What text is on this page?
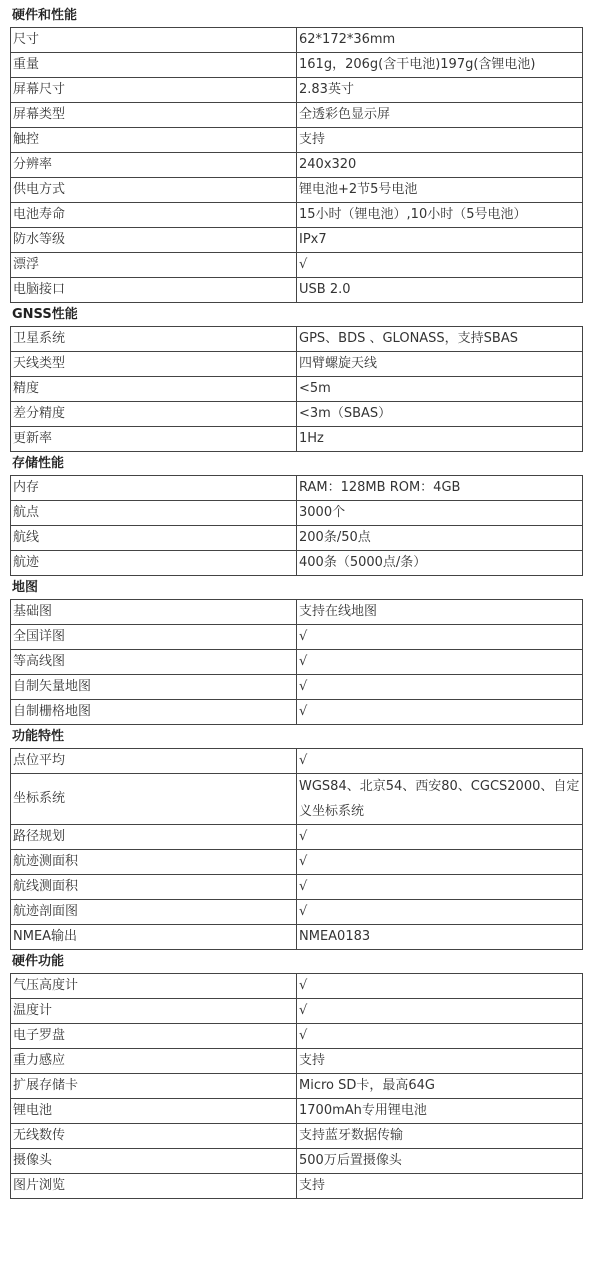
硬件和性能
尺寸	62*172*36mm
重量	161g，206g(含干电池)197g(含锂电池)
屏幕尺寸	2.83英寸
屏幕类型	全透彩色显示屏
触控	支持
分辨率	240x320
供电方式	锂电池+2节5号电池
电池寿命	15小时（锂电池）,10小时（5号电池）
防水等级	IPx7
漂浮	√
电脑接口	USB 2.0
GNSS性能
卫星系统	GPS、BDS 、GLONASS，支持SBAS
天线类型	四臂螺旋天线
精度	<5m
差分精度	<3m（SBAS）
更新率	1Hz
存储性能
内存	RAM：128MB ROM：4GB
航点	3000个
航线	200条/50点
航迹	400条（5000点/条）
地图
基础图	支持在线地图
全国详图	√
等高线图	√
自制矢量地图	√
自制栅格地图	√
功能特性
点位平均	√
坐标系统	WGS84、北京54、西安80、CGCS2000、自定义坐标系统
路径规划	√
航迹测面积	√
航线测面积	√
航迹剖面图	√
NMEA输出	NMEA0183
硬件功能
气压高度计	√
温度计	√
电子罗盘	√
重力感应	支持
扩展存储卡	Micro SD卡，最高64G
锂电池	1700mAh专用锂电池
无线数传	支持蓝牙数据传输
摄像头	500万后置摄像头
图片浏览	支持
